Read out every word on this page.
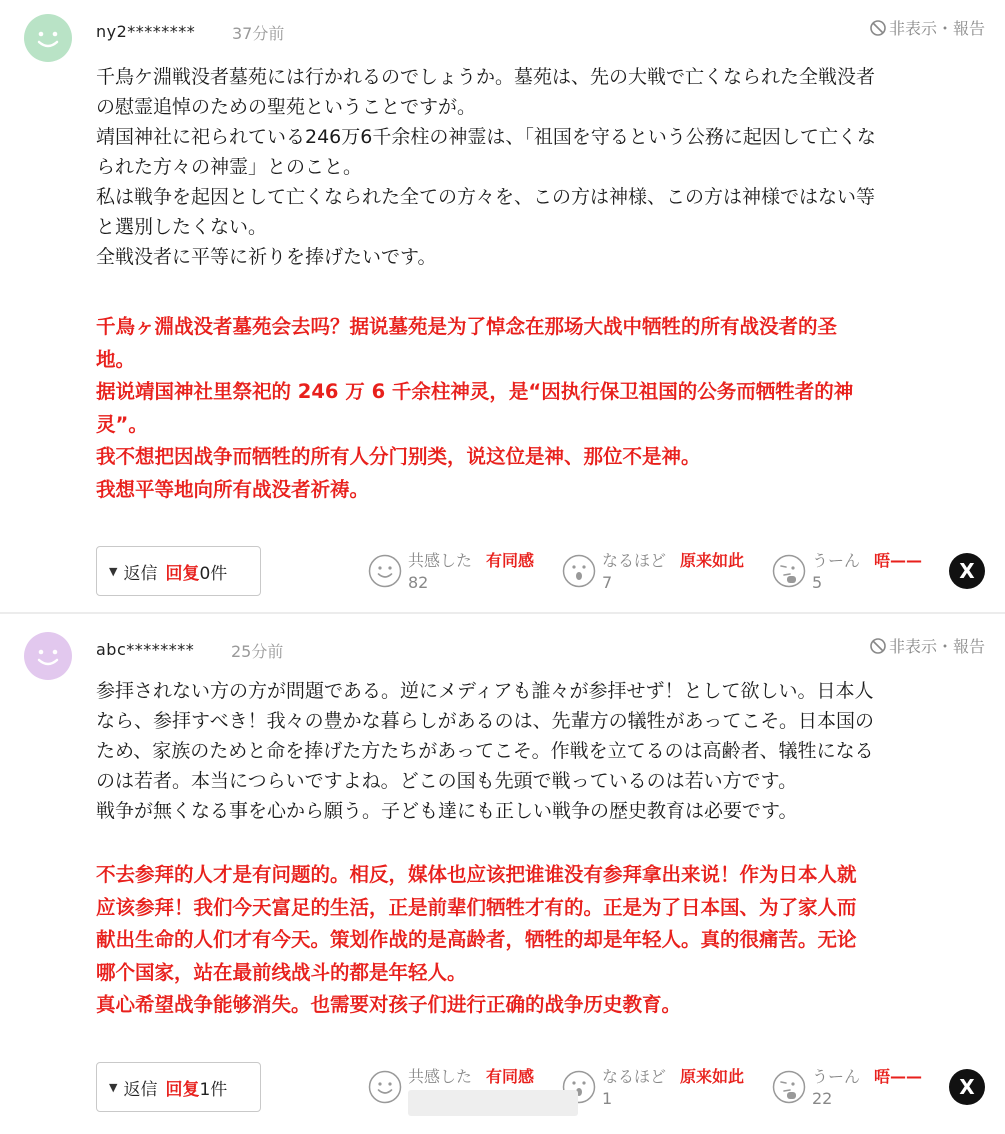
ny2******** 37分前	非表示・報告

千鳥ケ淵戦没者墓苑には行かれるのでしょうか。墓苑は、先の大戦で亡くなられた全戦没者

の慰霊追悼のための聖苑ということですが。

靖国神社に祀られている246万6千余柱の神霊は、「祖国を守るという公務に起因して亡くな

られた方々の神霊」とのこと。

私は戦争を起因として亡くなられた全ての方々を、この方は神様、この方は神様ではない等

と選別したくない。

全戦没者に平等に祈りを捧げたいです。

千鳥ヶ淵战没者墓苑会去吗？据说墓苑是为了悼念在那场大战中牺牲的所有战没者的圣

地。

据说靖国神社里祭祀的 246 万 6 千余柱神灵，是“因执行保卫祖国的公务而牺牲者的神

灵”。

我不想把因战争而牺牲的所有人分门别类，说这位是神、那位不是神。

我想平等地向所有战没者祈祷。

▼ 返信 回复 0件
共感した 有同感
82
なるほど 原来如此
7
うーん 唔——
5	X
abc******** 25分前	非表示・報告

参拝されない方の方が問題である。逆にメディアも誰々が参拝せず！として欲しい。日本人

なら、参拝すべき！我々の豊かな暮らしがあるのは、先輩方の犠牲があってこそ。日本国の

ため、家族のためと命を捧げた方たちがあってこそ。作戦を立てるのは高齢者、犠牲になる

のは若者。本当につらいですよね。どこの国も先頭で戦っているのは若い方です。

戦争が無くなる事を心から願う。子ども達にも正しい戦争の歴史教育は必要です。

不去参拜的人才是有问题的。相反，媒体也应该把谁谁没有参拜拿出来说！作为日本人就

应该参拜！我们今天富足的生活，正是前辈们牺牲才有的。正是为了日本国、为了家人而

献出生命的人们才有今天。策划作战的是高龄者，牺牲的却是年轻人。真的很痛苦。无论

哪个国家，站在最前线战斗的都是年轻人。

真心希望战争能够消失。也需要对孩子们进行正确的战争历史教育。

▼ 返信 回复 1件
共感した 有同感	なるほど 原来如此
1
うーん 唔——
22	X
